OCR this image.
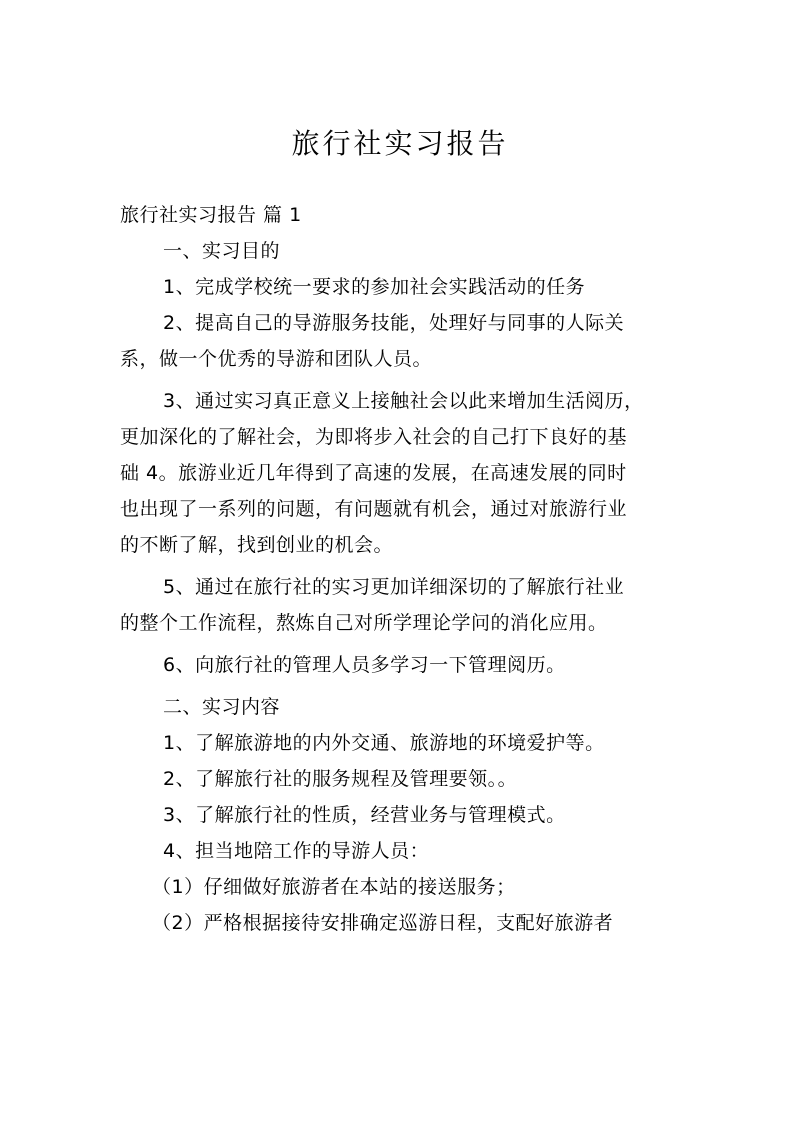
旅行社实习报告

旅行社实习报告 篇 1

一、实习目的

1、完成学校统一要求的参加社会实践活动的任务

2、提高自己的导游服务技能，处理好与同事的人际关

系，做一个优秀的导游和团队人员。

3、通过实习真正意义上接触社会以此来增加生活阅历，

更加深化的了解社会，为即将步入社会的自己打下良好的基

础 4。旅游业近几年得到了高速的发展，在高速发展的同时

也出现了一系列的问题，有问题就有机会，通过对旅游行业

的不断了解，找到创业的机会。

5、通过在旅行社的实习更加详细深切的了解旅行社业

的整个工作流程，熬炼自己对所学理论学问的消化应用。

6、向旅行社的管理人员多学习一下管理阅历。

二、实习内容

1、了解旅游地的内外交通、旅游地的环境爱护等。

2、了解旅行社的服务规程及管理要领。。

3、了解旅行社的性质，经营业务与管理模式。

4、担当地陪工作的导游人员：

（1）仔细做好旅游者在本站的接送服务；

（2）严格根据接待安排确定巡游日程，支配好旅游者
